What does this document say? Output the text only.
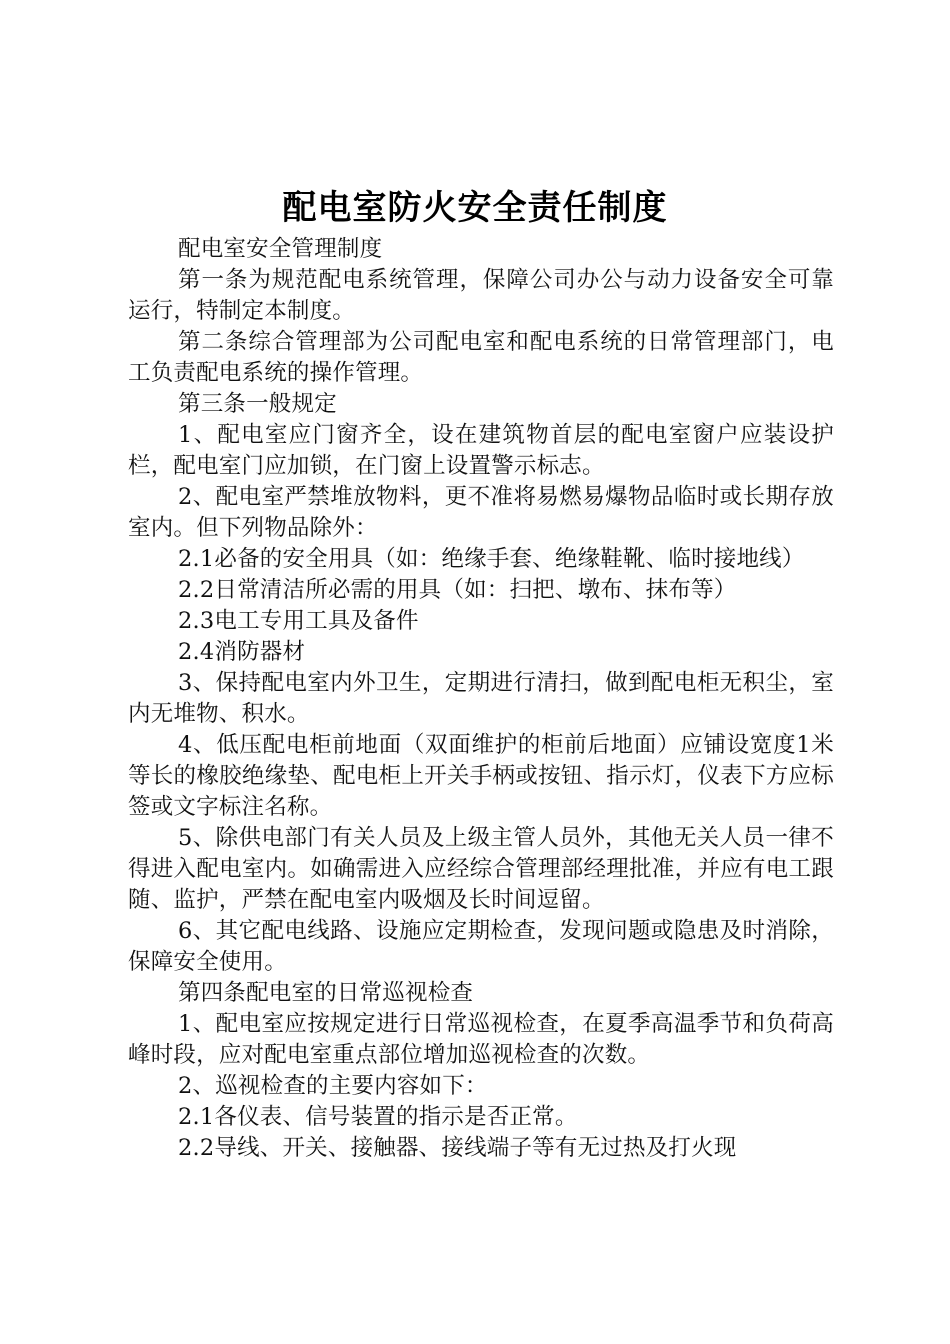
配电室防火安全责任制度

配电室安全管理制度

第一条为规范配电系统管理，保障公司办公与动力设备安全可靠运行，特制定本制度。

第二条综合管理部为公司配电室和配电系统的日常管理部门，电工负责配电系统的操作管理。

第三条一般规定

1、配电室应门窗齐全，设在建筑物首层的配电室窗户应装设护栏，配电室门应加锁，在门窗上设置警示标志。

2、配电室严禁堆放物料，更不准将易燃易爆物品临时或长期存放室内。但下列物品除外：

2.1必备的安全用具（如：绝缘手套、绝缘鞋靴、临时接地线）

2.2日常清洁所必需的用具（如：扫把、墩布、抹布等）

2.3电工专用工具及备件

2.4消防器材

3、保持配电室内外卫生，定期进行清扫，做到配电柜无积尘，室内无堆物、积水。

4、低压配电柜前地面（双面维护的柜前后地面）应铺设宽度1米等长的橡胶绝缘垫、配电柜上开关手柄或按钮、指示灯，仪表下方应标签或文字标注名称。

5、除供电部门有关人员及上级主管人员外，其他无关人员一律不得进入配电室内。如确需进入应经综合管理部经理批准，并应有电工跟随、监护，严禁在配电室内吸烟及长时间逗留。

6、其它配电线路、设施应定期检查，发现问题或隐患及时消除，保障安全使用。

第四条配电室的日常巡视检查

1、配电室应按规定进行日常巡视检查，在夏季高温季节和负荷高峰时段，应对配电室重点部位增加巡视检查的次数。

2、巡视检查的主要内容如下：

2.1各仪表、信号装置的指示是否正常。

2.2导线、开关、接触器、接线端子等有无过热及打火现
